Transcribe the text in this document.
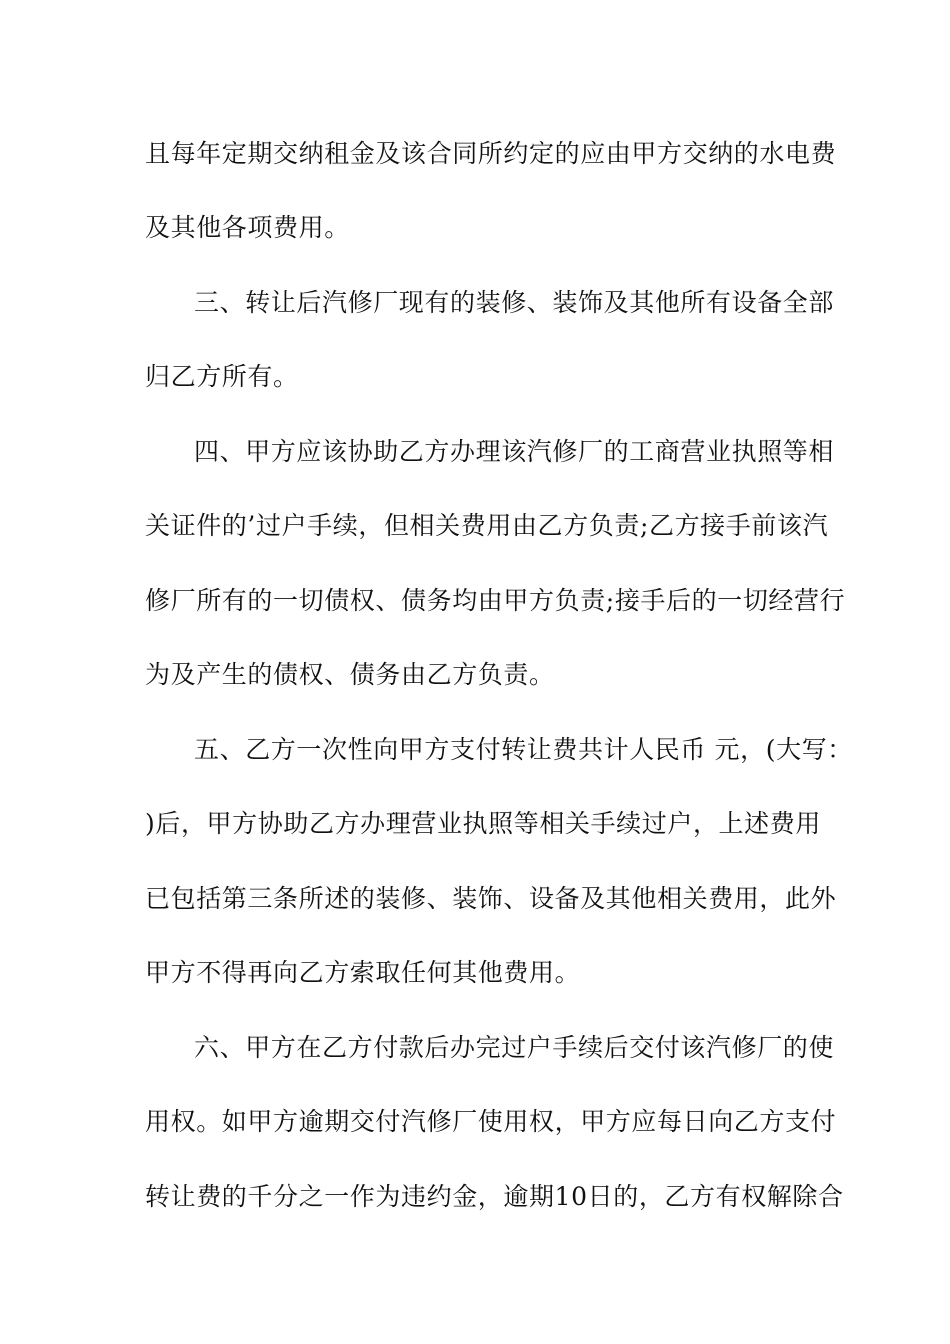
且每年定期交纳租金及该合同所约定的应由甲方交纳的水电费
及其他各项费用。
三、转让后汽修厂现有的装修、装饰及其他所有设备全部
归乙方所有。
四、甲方应该协助乙方办理该汽修厂的工商营业执照等相
关证件的’过户手续，但相关费用由乙方负责;乙方接手前该汽
修厂所有的一切债权、债务均由甲方负责;接手后的一切经营行
为及产生的债权、债务由乙方负责。
五、乙方一次性向甲方支付转让费共计人民币 元，(大写：
)后，甲方协助乙方办理营业执照等相关手续过户，上述费用
已包括第三条所述的装修、装饰、设备及其他相关费用，此外
甲方不得再向乙方索取任何其他费用。
六、甲方在乙方付款后办完过户手续后交付该汽修厂的使
用权。如甲方逾期交付汽修厂使用权，甲方应每日向乙方支付
转让费的千分之一作为违约金，逾期10日的，乙方有权解除合
